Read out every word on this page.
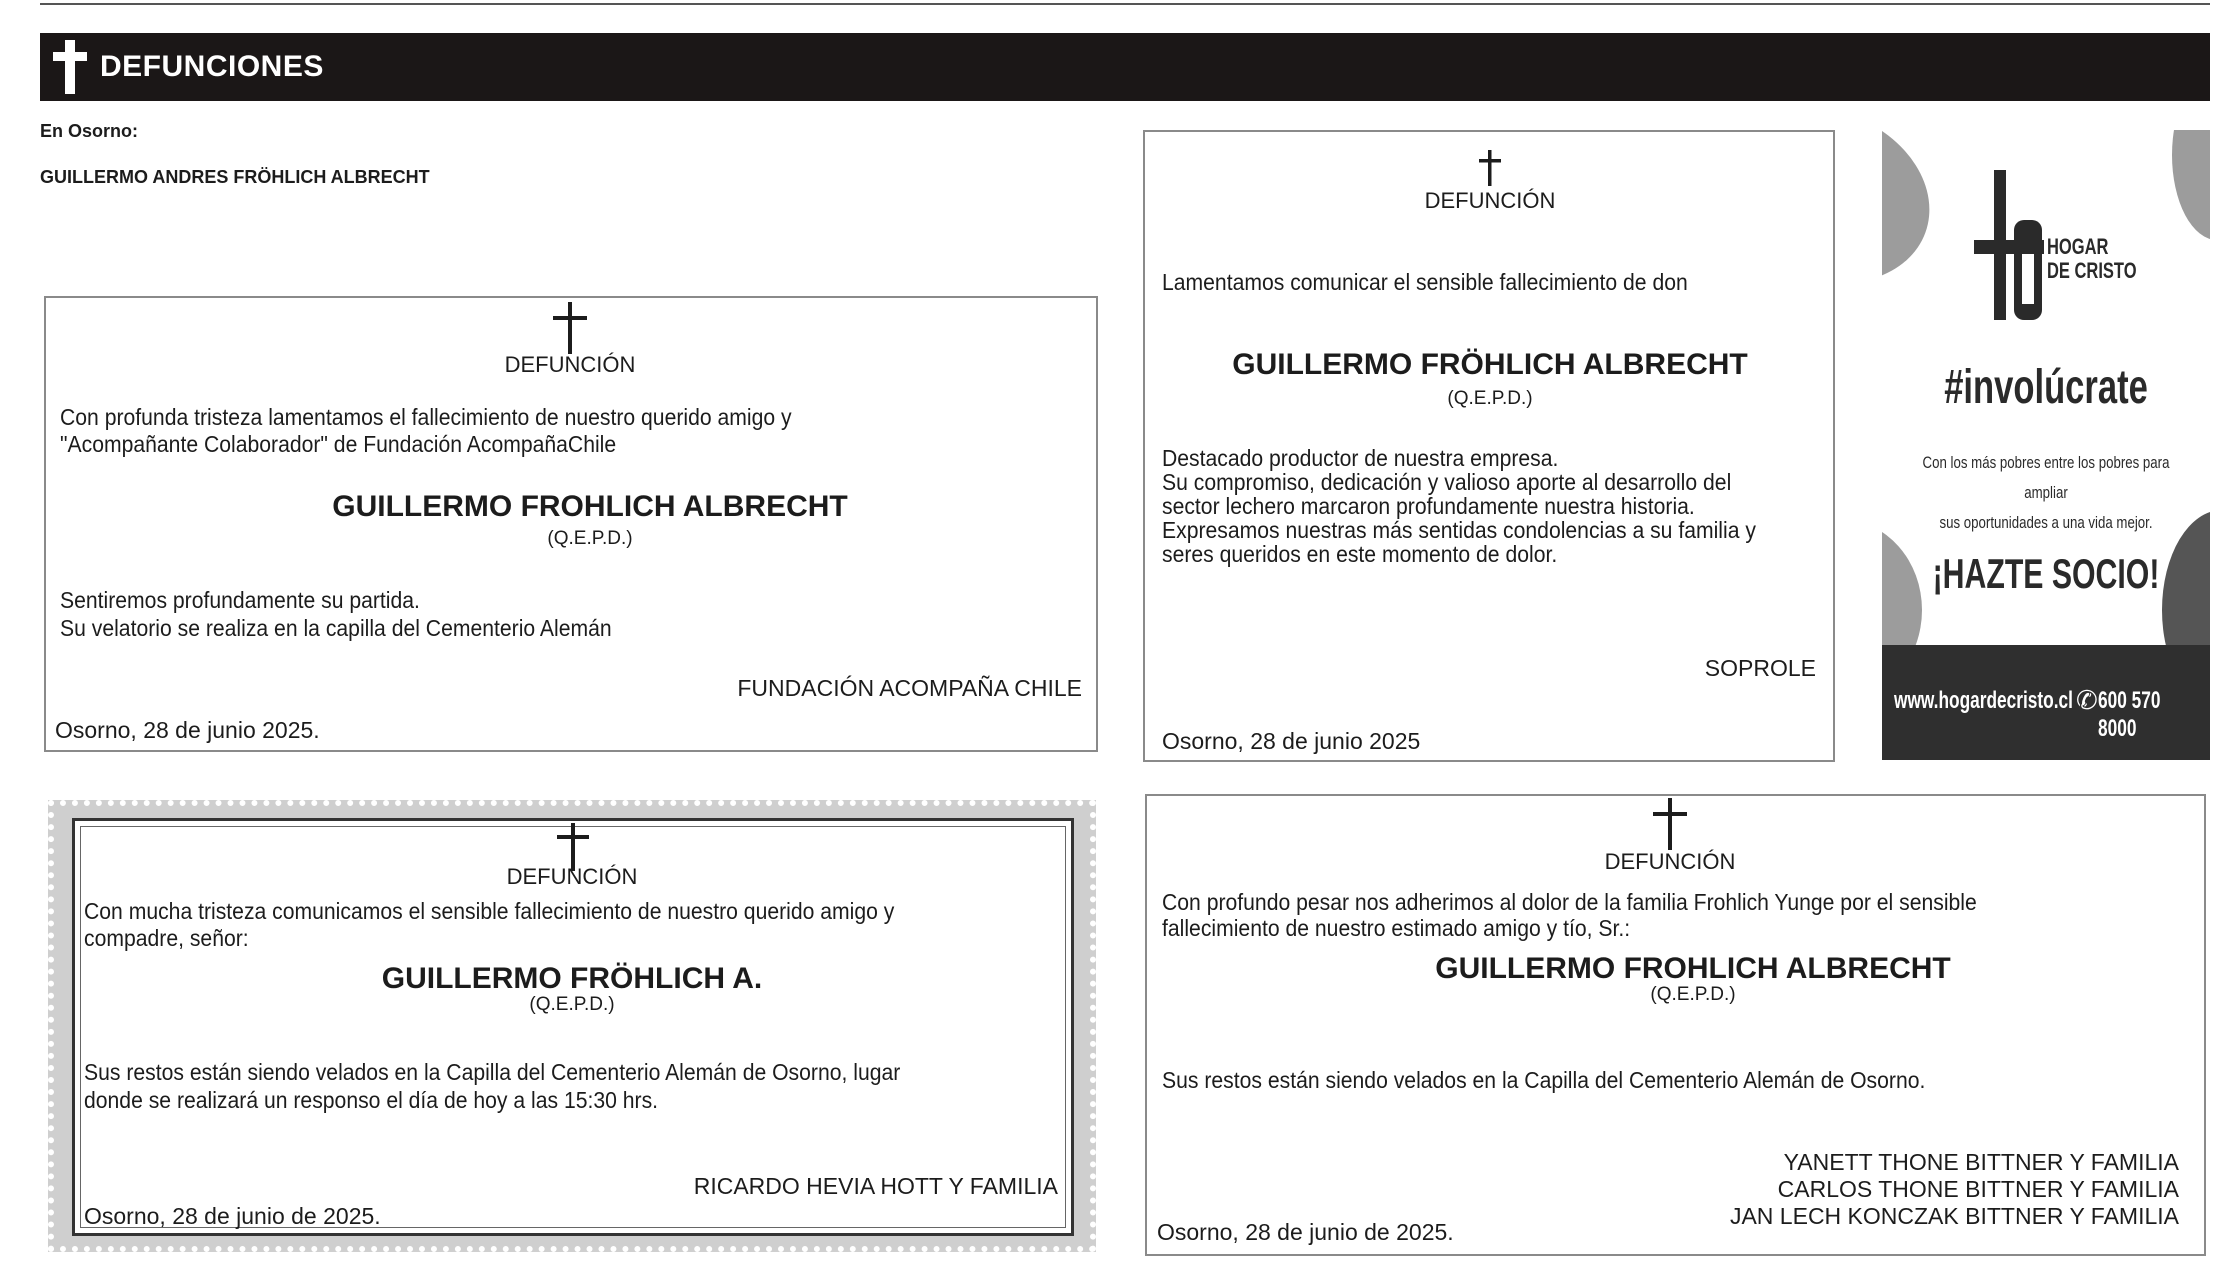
DEFUNCIONES
En Osorno:
GUILLERMO ANDRES FRÖHLICH ALBRECHT
DEFUNCIÓN
Con profunda tristeza lamentamos el fallecimiento de nuestro querido amigo y
"Acompañante Colaborador" de Fundación AcompañaChile
GUILLERMO FROHLICH ALBRECHT
(Q.E.P.D.)
Sentiremos profundamente su partida.
Su velatorio se realiza en la capilla del Cementerio Alemán
FUNDACIÓN ACOMPAÑA CHILE
Osorno, 28 de junio 2025.
DEFUNCIÓN
Lamentamos comunicar el sensible fallecimiento de don
GUILLERMO FRÖHLICH ALBRECHT
(Q.E.P.D.)
Destacado productor de nuestra empresa.
Su compromiso, dedicación y valioso aporte al desarrollo del
sector lechero marcaron profundamente nuestra historia.
Expresamos nuestras más sentidas condolencias a su familia y
seres queridos en este momento de dolor.
SOPROLE
Osorno, 28 de junio 2025
HOGAR
DE CRISTO
#involúcrate
Con los más pobres entre los pobres para ampliar
sus oportunidades a una vida mejor.
¡HAZTE SOCIO!
www.hogardecristo.cl ✆ 600 570 8000
DEFUNCIÓN
Con mucha tristeza comunicamos el sensible fallecimiento de nuestro querido amigo y
compadre, señor:
GUILLERMO FRÖHLICH A.
(Q.E.P.D.)
Sus restos están siendo velados en la Capilla del Cementerio Alemán de Osorno, lugar
donde se realizará un responso el día de hoy a las 15:30 hrs.
RICARDO HEVIA HOTT Y FAMILIA
Osorno, 28 de junio de 2025.
DEFUNCIÓN
Con profundo pesar nos adherimos al dolor de la familia Frohlich Yunge por el sensible
fallecimiento de nuestro estimado amigo y tío, Sr.:
GUILLERMO FROHLICH ALBRECHT
(Q.E.P.D.)
Sus restos están siendo velados en la Capilla del Cementerio Alemán de Osorno.
YANETT THONE BITTNER Y FAMILIA
CARLOS THONE BITTNER Y FAMILIA
JAN LECH KONCZAK BITTNER Y FAMILIA
Osorno, 28 de junio de 2025.
